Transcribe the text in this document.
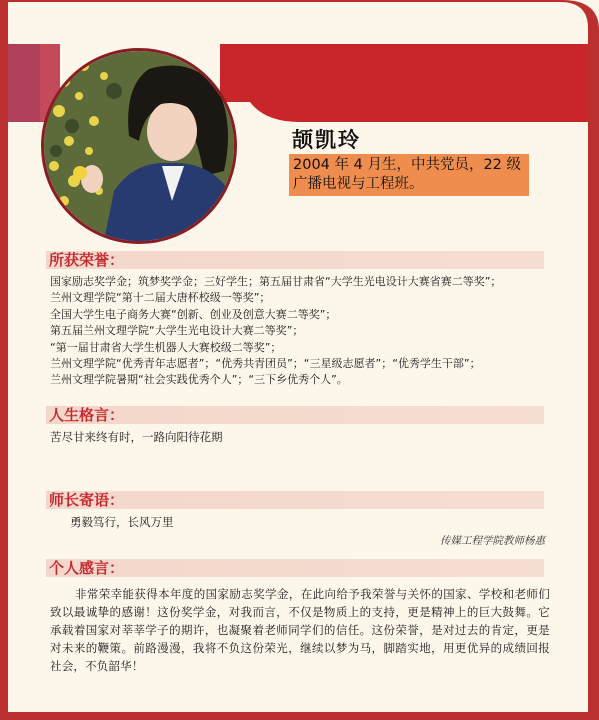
颉凯玲
2004 年 4 月生，中共党员，22 级广播电视与工程班。
所获荣誉：
国家励志奖学金；筑梦奖学金；三好学生；第五届甘肃省“大学生光电设计大赛省赛二等奖”；
兰州文理学院“第十二届大唐杯校级一等奖”；
全国大学生电子商务大赛“创新、创业及创意大赛二等奖”；
第五届兰州文理学院“大学生光电设计大赛二等奖”；
“第一届甘肃省大学生机器人大赛校级二等奖”；
兰州文理学院“优秀青年志愿者”；“优秀共青团员”；“三星级志愿者”；“优秀学生干部”；
兰州文理学院暑期“社会实践优秀个人”；“三下乡优秀个人”。
人生格言：
苦尽甘来终有时，一路向阳待花期
师长寄语：
勇毅笃行，长风万里
传媒工程学院教师杨惠
个人感言：
非常荣幸能获得本年度的国家励志奖学金，在此向给予我荣誉与关怀的国家、学校和老师们致以最诚挚的感谢！这份奖学金，对我而言，不仅是物质上的支持，更是精神上的巨大鼓舞。它承载着国家对莘莘学子的期许，也凝聚着老师同学们的信任。这份荣誉，是对过去的肯定，更是对未来的鞭策。前路漫漫，我将不负这份荣光，继续以梦为马，脚踏实地，用更优异的成绩回报社会，不负韶华！
